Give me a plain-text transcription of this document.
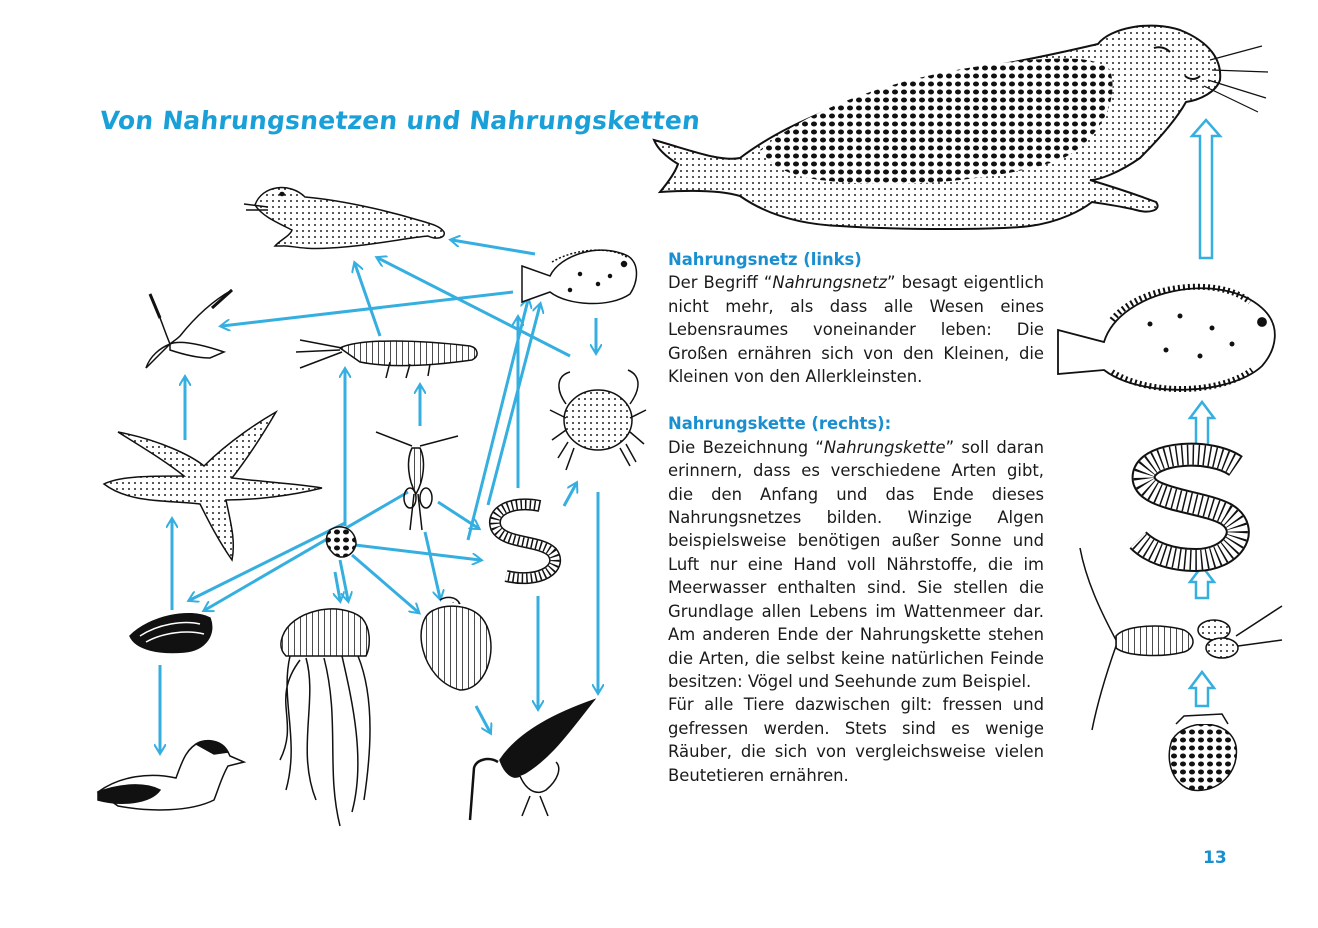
Von Nahrungsnetzen und Nahrungsketten
Nahrungsnetz (links)

Der Begriff “Nahrungsnetz” besagt eigentlich nicht mehr, als dass alle Wesen eines Lebensraumes voneinander leben: Die Großen ernähren sich von den Kleinen, die Kleinen von den Allerkleinsten.

Nahrungskette (rechts):

Die Bezeichnung “Nahrungskette” soll daran erinnern, dass es verschiedene Arten gibt, die den Anfang und das Ende dieses Nahrungsnetzes bilden. Winzige Algen beispielsweise benötigen außer Sonne und Luft nur eine Hand voll Nährstoffe, die im Meerwasser enthalten sind. Sie stellen die Grundlage allen Lebens im Wattenmeer dar. Am anderen Ende der Nahrungskette stehen die Arten, die selbst keine natürlichen Feinde besitzen: Vögel und Seehunde zum Beispiel.

Für alle Tiere dazwischen gilt: fressen und gefressen werden. Stets sind es wenige Räuber, die sich von vergleichsweise vielen Beutetieren ernähren.

13
